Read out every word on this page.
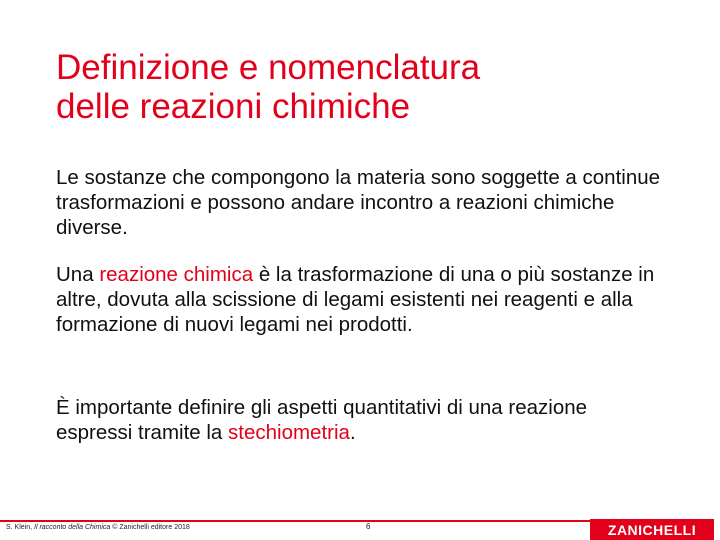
Definizione e nomenclatura
delle reazioni chimiche

Le sostanze che compongono la materia sono soggette a continue trasformazioni e possono andare incontro a reazioni chimiche diverse.

Una reazione chimica è la trasformazione di una o più sostanze in altre, dovuta alla scissione di legami esistenti nei reagenti e alla formazione di nuovi legami nei prodotti.

È importante definire gli aspetti quantitativi di una reazione espressi tramite la stechiometria.

S. Klein, Il racconto della Chimica © Zanichelli editore 2018	6	ZANICHELLI
